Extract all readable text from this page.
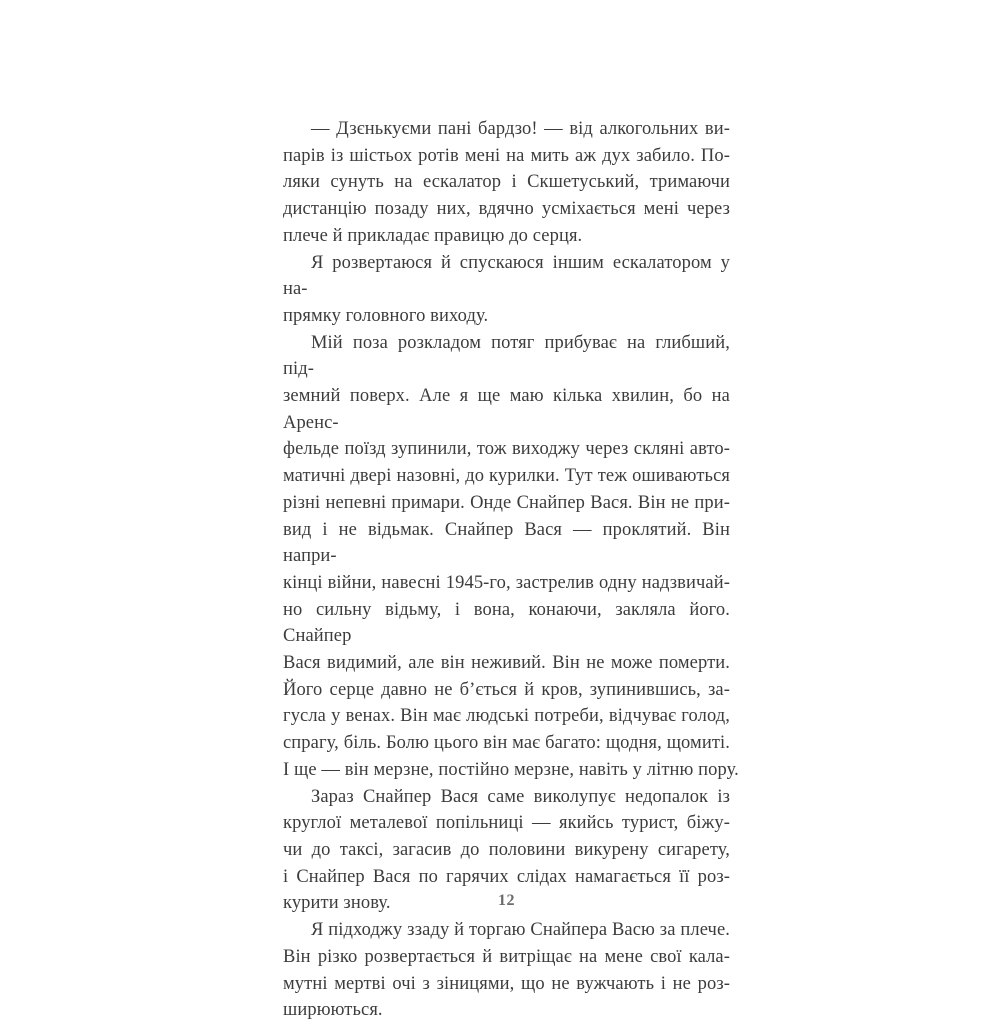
— Дзєнькуєми пані бардзо! — від алкогольних ви-
парів із шістьох ротів мені на мить аж дух забило. По-
ляки сунуть на ескалатор і Скшетуський, тримаючи
дистанцію позаду них, вдячно усміхається мені через
плече й прикладає правицю до серця.
Я розвертаюся й спускаюся іншим ескалатором у на-
прямку головного виходу.
Мій поза розкладом потяг прибуває на глибший, під-
земний поверх. Але я ще маю кілька хвилин, бо на Аренс-
фельде поїзд зупинили, тож виходжу через скляні авто-
матичні двері назовні, до курилки. Тут теж ошиваються
різні непевні примари. Онде Снайпер Вася. Він не при-
вид і не відьмак. Снайпер Вася — проклятий. Він напри-
кінці війни, навесні 1945-го, застрелив одну надзвичай-
но сильну відьму, і вона, конаючи, закляла його. Снайпер
Вася видимий, але він неживий. Він не може померти.
Його серце давно не б’ється й кров, зупинившись, за-
гусла у венах. Він має людські потреби, відчуває голод,
спрагу, біль. Болю цього він має багато: щодня, щомиті.
І ще — він мерзне, постійно мерзне, навіть у літню пору.
Зараз Снайпер Вася саме виколупує недопалок із
круглої металевої попільниці — якийсь турист, біжу-
чи до таксі, загасив до половини викурену сигарету,
і Снайпер Вася по гарячих слідах намагається її роз-
курити знову.
Я підходжу ззаду й торгаю Снайпера Васю за плече.
Він різко розвертається й витріщає на мене свої кала-
мутні мертві очі з зіницями, що не вужчають і не роз-
ширюються.
12
